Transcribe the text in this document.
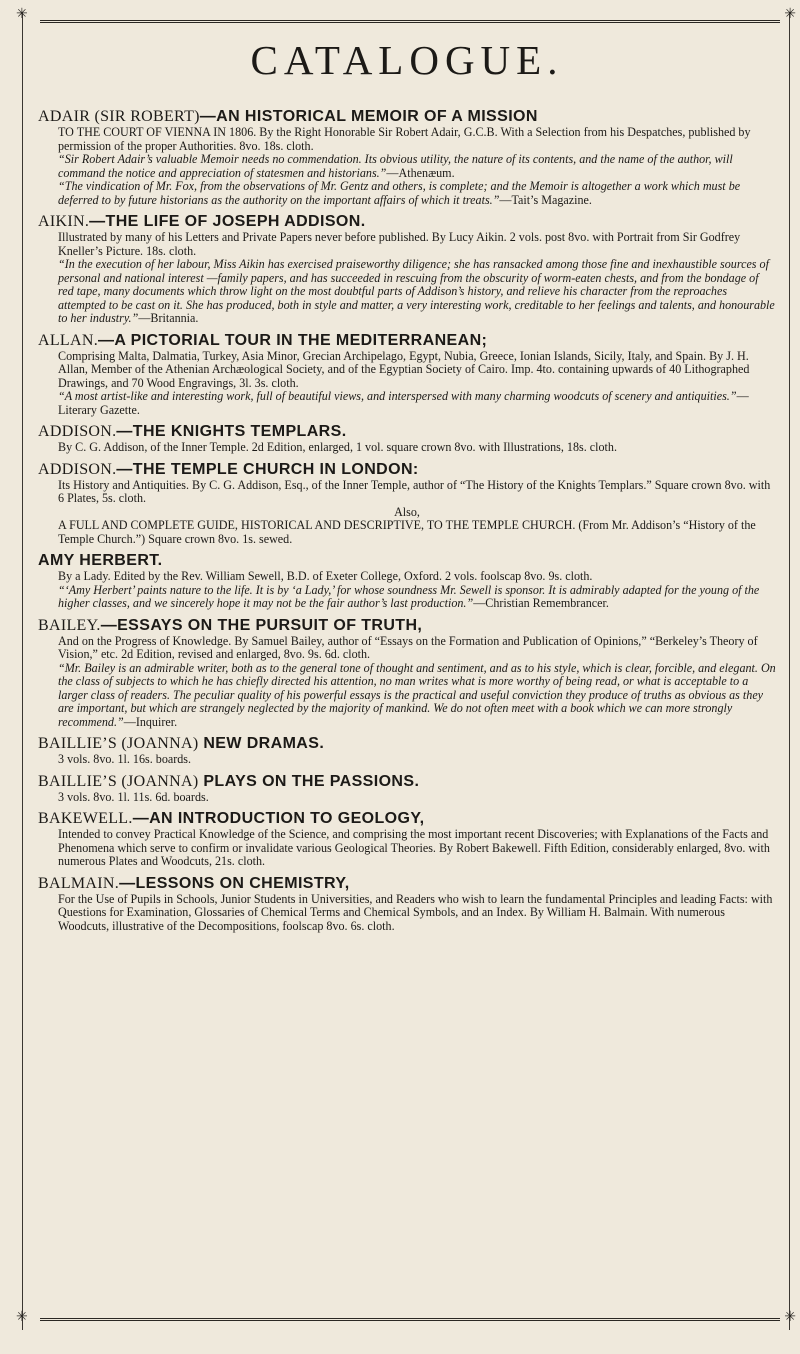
✳	✳
✳	✳
CATALOGUE.
ADAIR (SIR ROBERT)—AN HISTORICAL MEMOIR OF A MISSION
TO THE COURT OF VIENNA IN 1806. By the Right Honorable Sir Robert Adair, G.C.B. With a Selection from his Despatches, published by permission of the proper Authorities. 8vo. 18s. cloth.
“Sir Robert Adair’s valuable Memoir needs no commendation. Its obvious utility, the nature of its contents, and the name of the author, will command the notice and appreciation of statesmen and historians.”—Athenæum.
“The vindication of Mr. Fox, from the observations of Mr. Gentz and others, is complete; and the Memoir is altogether a work which must be deferred to by future historians as the authority on the important affairs of which it treats.”—Tait’s Magazine.
AIKIN.—THE LIFE OF JOSEPH ADDISON.
Illustrated by many of his Letters and Private Papers never before published. By Lucy Aikin. 2 vols. post 8vo. with Portrait from Sir Godfrey Kneller’s Picture. 18s. cloth.
“In the execution of her labour, Miss Aikin has exercised praiseworthy diligence; she has ransacked among those fine and inexhaustible sources of personal and national interest —family papers, and has succeeded in rescuing from the obscurity of worm-eaten chests, and from the bondage of red tape, many documents which throw light on the most doubtful parts of Addison’s history, and relieve his character from the reproaches attempted to be cast on it. She has produced, both in style and matter, a very interesting work, creditable to her feelings and talents, and honourable to her industry.”—Britannia.
ALLAN.—A PICTORIAL TOUR IN THE MEDITERRANEAN;
Comprising Malta, Dalmatia, Turkey, Asia Minor, Grecian Archipelago, Egypt, Nubia, Greece, Ionian Islands, Sicily, Italy, and Spain. By J. H. Allan, Member of the Athenian Archæological Society, and of the Egyptian Society of Cairo. Imp. 4to. containing upwards of 40 Lithographed Drawings, and 70 Wood Engravings, 3l. 3s. cloth.
“A most artist-like and interesting work, full of beautiful views, and interspersed with many charming woodcuts of scenery and antiquities.”—Literary Gazette.
ADDISON.—THE KNIGHTS TEMPLARS.
By C. G. Addison, of the Inner Temple. 2d Edition, enlarged, 1 vol. square crown 8vo. with Illustrations, 18s. cloth.
ADDISON.—THE TEMPLE CHURCH IN LONDON:
Its History and Antiquities. By C. G. Addison, Esq., of the Inner Temple, author of “The History of the Knights Templars.” Square crown 8vo. with 6 Plates, 5s. cloth.
Also,
A FULL AND COMPLETE GUIDE, HISTORICAL AND DESCRIPTIVE, TO THE TEMPLE CHURCH. (From Mr. Addison’s “History of the Temple Church.”) Square crown 8vo. 1s. sewed.
AMY HERBERT.
By a Lady. Edited by the Rev. William Sewell, B.D. of Exeter College, Oxford. 2 vols. foolscap 8vo. 9s. cloth.
“‘Amy Herbert’ paints nature to the life. It is by ‘a Lady,’ for whose soundness Mr. Sewell is sponsor. It is admirably adapted for the young of the higher classes, and we sincerely hope it may not be the fair author’s last production.”—Christian Remembrancer.
BAILEY.—ESSAYS ON THE PURSUIT OF TRUTH,
And on the Progress of Knowledge. By Samuel Bailey, author of “Essays on the Formation and Publication of Opinions,” “Berkeley’s Theory of Vision,” etc. 2d Edition, revised and enlarged, 8vo. 9s. 6d. cloth.
“Mr. Bailey is an admirable writer, both as to the general tone of thought and sentiment, and as to his style, which is clear, forcible, and elegant. On the class of subjects to which he has chiefly directed his attention, no man writes what is more worthy of being read, or what is acceptable to a larger class of readers. The peculiar quality of his powerful essays is the practical and useful conviction they produce of truths as obvious as they are important, but which are strangely neglected by the majority of mankind. We do not often meet with a book which we can more strongly recommend.”—Inquirer.
BAILLIE’S (JOANNA) NEW DRAMAS.
3 vols. 8vo. 1l. 16s. boards.
BAILLIE’S (JOANNA) PLAYS ON THE PASSIONS.
3 vols. 8vo. 1l. 11s. 6d. boards.
BAKEWELL.—AN INTRODUCTION TO GEOLOGY,
Intended to convey Practical Knowledge of the Science, and comprising the most important recent Discoveries; with Explanations of the Facts and Phenomena which serve to confirm or invalidate various Geological Theories. By Robert Bakewell. Fifth Edition, considerably enlarged, 8vo. with numerous Plates and Woodcuts, 21s. cloth.
BALMAIN.—LESSONS ON CHEMISTRY,
For the Use of Pupils in Schools, Junior Students in Universities, and Readers who wish to learn the fundamental Principles and leading Facts: with Questions for Examination, Glossaries of Chemical Terms and Chemical Symbols, and an Index. By William H. Balmain. With numerous Woodcuts, illustrative of the Decompositions, foolscap 8vo. 6s. cloth.
